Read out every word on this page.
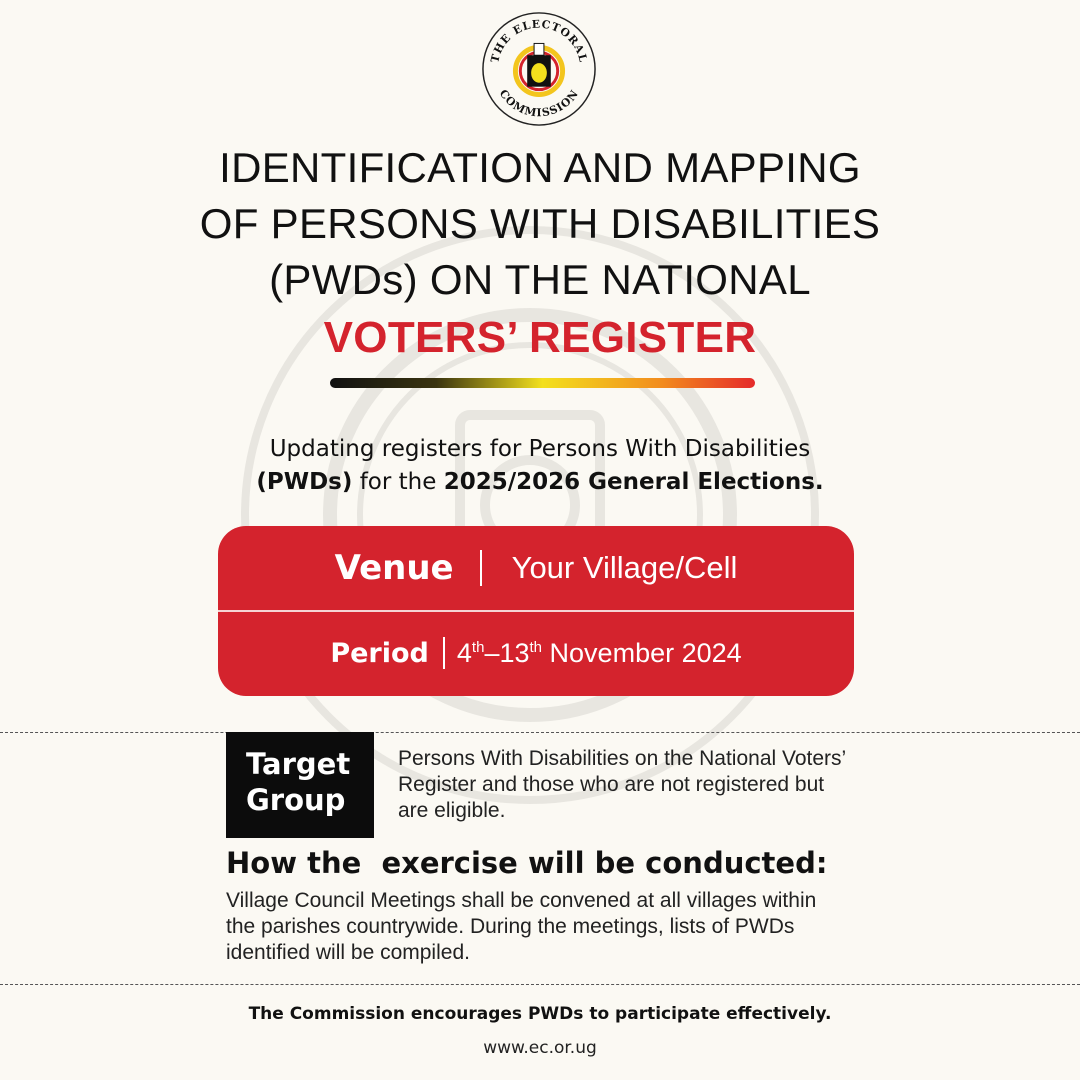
THE ELECTORAL
COMMISSION
IDENTIFICATION AND MAPPING
OF PERSONS WITH DISABILITIES
(PWDs) ON THE NATIONAL
VOTERS’ REGISTER
Updating registers for Persons With Disabilities
(PWDs) for the 2025/2026 General Elections.
Venue Your Village/Cell
Period 4th–13th November 2024
Target
Group
Persons With Disabilities on the National Voters’ Register and those who are not registered but are eligible.
How the  exercise will be conducted:
Village Council Meetings shall be convened at all villages within the parishes countrywide. During the meetings, lists of PWDs identified will be compiled.
The Commission encourages PWDs to participate effectively.
www.ec.or.ug
